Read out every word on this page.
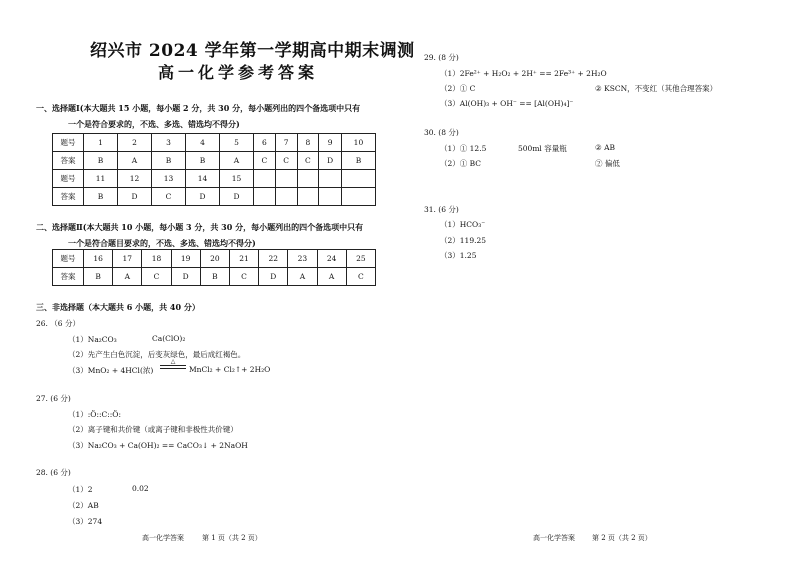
绍兴市 2024 学年第一学期高中期末调测
高一化学参考答案
一、选择题Ⅰ(本大题共 15 小题，每小题 2 分，共 30 分，每小题列出的四个备选项中只有
一个是符合要求的，不选、多选、错选均不得分)
题号	1	2	3	4	5	6	7	8	9	10
答案	B	A	B	B	A	C	C	C	D	B
题号	11	12	13	14	15					
答案	B	D	C	D	D					
二、选择题Ⅱ(本大题共 10 小题，每小题 3 分，共 30 分，每小题列出的四个备选项中只有
一个是符合题目要求的，不选、多选、错选均不得分)
题号	16	17	18	19	20	21	22	23	24	25
答案	B	A	C	D	B	C	D	A	A	C
三、非选择题（本大题共 6 小题，共 40 分）
26. （6 分）
（1）Na₂CO₃	Ca(ClO)₂
（2）先产生白色沉淀，后变灰绿色，最后成红褐色。
（3）MnO₂ + 4HCl(浓)
△
MnCl₂ + Cl₂↑+ 2H₂O
27. (6 分)
（1）:Ö::C::Ö:
（2）离子键和共价键（或离子键和非极性共价键）
（3）Na₂CO₃ + Ca(OH)₂ == CaCO₃↓ + 2NaOH
28. (6 分)
（1）2	0.02
（2）AB
（3）274
高一化学答案	第 1 页（共 2 页）
29. (8 分)
（1）2Fe²⁺ + H₂O₂ + 2H⁺ == 2Fe³⁺ + 2H₂O
（2）① C	② KSCN，不变红（其他合理答案）
（3）Al(OH)₃ + OH⁻ == [Al(OH)₄]⁻
30. (8 分)
（1）① 12.5	500ml 容量瓶	② AB
（2）① BC	② 偏低
31. (6 分)
（1）HCO₃⁻
（2）119.25
（3）1.25
高一化学答案 第 2 页（共 2 页）
